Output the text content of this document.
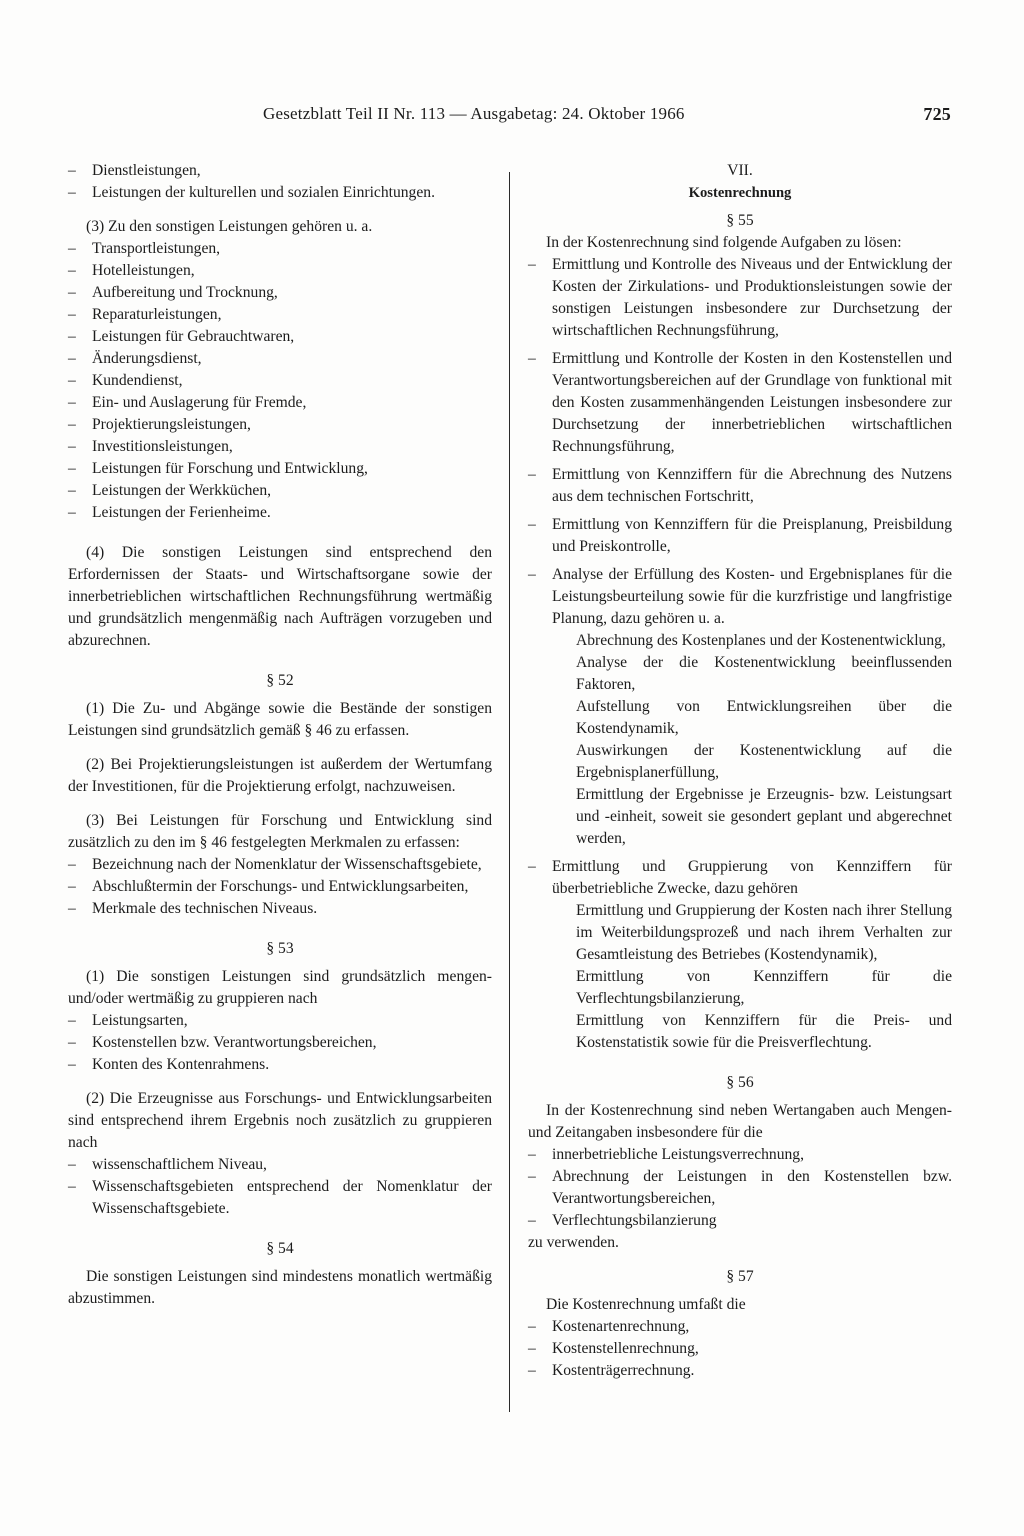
Gesetzblatt Teil II Nr. 113 — Ausgabetag: 24. Oktober 1966	725
– Dienstleistungen,
– Leistungen der kulturellen und sozialen Einrichtungen.
(3) Zu den sonstigen Leistungen gehören u. a.
– Transportleistungen,
– Hotelleistungen,
– Aufbereitung und Trocknung,
– Reparaturleistungen,
– Leistungen für Gebrauchtwaren,
– Änderungsdienst,
– Kundendienst,
– Ein- und Auslagerung für Fremde,
– Projektierungsleistungen,
– Investitionsleistungen,
– Leistungen für Forschung und Entwicklung,
– Leistungen der Werkküchen,
– Leistungen der Ferienheime.
(4) Die sonstigen Leistungen sind entsprechend den Erfordernissen der Staats- und Wirtschaftsorgane sowie der innerbetrieblichen wirtschaftlichen Rechnungsführung wertmäßig und grundsätzlich mengenmäßig nach Aufträgen vorzugeben und abzurechnen.
§ 52
(1) Die Zu- und Abgänge sowie die Bestände der sonstigen Leistungen sind grundsätzlich gemäß § 46 zu erfassen.
(2) Bei Projektierungsleistungen ist außerdem der Wertumfang der Investitionen, für die Projektierung erfolgt, nachzuweisen.
(3) Bei Leistungen für Forschung und Entwicklung sind zusätzlich zu den im § 46 festgelegten Merkmalen zu erfassen:
– Bezeichnung nach der Nomenklatur der Wissenschaftsgebiete,
– Abschlußtermin der Forschungs- und Entwicklungsarbeiten,
– Merkmale des technischen Niveaus.
§ 53
(1) Die sonstigen Leistungen sind grundsätzlich mengen- und/oder wertmäßig zu gruppieren nach
– Leistungsarten,
– Kostenstellen bzw. Verantwortungsbereichen,
– Konten des Kontenrahmens.
(2) Die Erzeugnisse aus Forschungs- und Entwicklungsarbeiten sind entsprechend ihrem Ergebnis noch zusätzlich zu gruppieren nach
– wissenschaftlichem Niveau,
– Wissenschaftsgebieten entsprechend der Nomenklatur der Wissenschaftsgebiete.
§ 54
Die sonstigen Leistungen sind mindestens monatlich wertmäßig abzustimmen.
VII.
Kostenrechnung
§ 55
In der Kostenrechnung sind folgende Aufgaben zu lösen:
– Ermittlung und Kontrolle des Niveaus und der Entwicklung der Kosten der Zirkulations- und Produktionsleistungen sowie der sonstigen Leistungen insbesondere zur Durchsetzung der wirtschaftlichen Rechnungsführung,
– Ermittlung und Kontrolle der Kosten in den Kostenstellen und Verantwortungsbereichen auf der Grundlage von funktional mit den Kosten zusammenhängenden Leistungen insbesondere zur Durchsetzung der innerbetrieblichen wirtschaftlichen Rechnungsführung,
– Ermittlung von Kennziffern für die Abrechnung des Nutzens aus dem technischen Fortschritt,
– Ermittlung von Kennziffern für die Preisplanung, Preisbildung und Preiskontrolle,
– Analyse der Erfüllung des Kosten- und Ergebnisplanes für die Leistungsbeurteilung sowie für die kurzfristige und langfristige Planung, dazu gehören u. a.
Abrechnung des Kostenplanes und der Kostenentwicklung,
Analyse der die Kostenentwicklung beeinflussenden Faktoren,
Aufstellung von Entwicklungsreihen über die Kostendynamik,
Auswirkungen der Kostenentwicklung auf die Ergebnisplanerfüllung,
Ermittlung der Ergebnisse je Erzeugnis- bzw. Leistungsart und -einheit, soweit sie gesondert geplant und abgerechnet werden,
– Ermittlung und Gruppierung von Kennziffern für überbetriebliche Zwecke, dazu gehören
Ermittlung und Gruppierung der Kosten nach ihrer Stellung im Weiterbildungsprozeß und nach ihrem Verhalten zur Gesamtleistung des Betriebes (Kostendynamik),
Ermittlung von Kennziffern für die Verflechtungsbilanzierung,
Ermittlung von Kennziffern für die Preis- und Kostenstatistik sowie für die Preisverflechtung.
§ 56
In der Kostenrechnung sind neben Wertangaben auch Mengen- und Zeitangaben insbesondere für die
– innerbetriebliche Leistungsverrechnung,
– Abrechnung der Leistungen in den Kostenstellen bzw. Verantwortungsbereichen,
– Verflechtungsbilanzierung
zu verwenden.
§ 57
Die Kostenrechnung umfaßt die
– Kostenartenrechnung,
– Kostenstellenrechnung,
– Kostenträgerrechnung.
